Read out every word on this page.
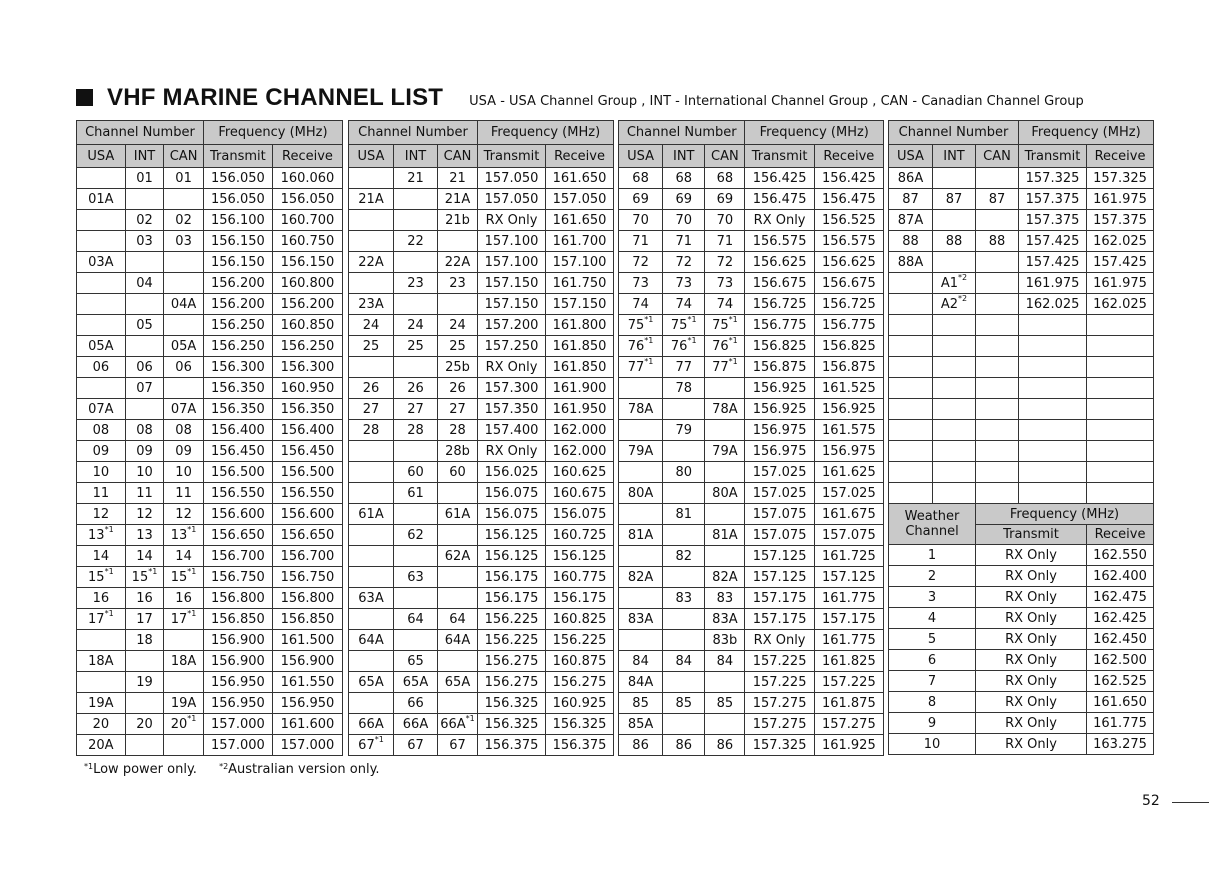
VHF MARINE CHANNEL LIST USA - USA Channel Group , INT - International Channel Group , CAN - Canadian Channel Group
Channel Number			Frequency (MHz)	
USA	INT	CAN	Transmit	Receive
	01	01	156.050	160.060
01A			156.050	156.050
	02	02	156.100	160.700
	03	03	156.150	160.750
03A			156.150	156.150
	04		156.200	160.800
		04A	156.200	156.200
	05		156.250	160.850
05A		05A	156.250	156.250
06	06	06	156.300	156.300
	07		156.350	160.950
07A		07A	156.350	156.350
08	08	08	156.400	156.400
09	09	09	156.450	156.450
10	10	10	156.500	156.500
11	11	11	156.550	156.550
12	12	12	156.600	156.600
13$^{*1}$	13	13$^{*1}$	156.650	156.650
14	14	14	156.700	156.700
15$^{*1}$	15$^{*1}$	15$^{*1}$	156.750	156.750
16	16	16	156.800	156.800
17$^{*1}$	17	17$^{*1}$	156.850	156.850
	18		156.900	161.500
18A		18A	156.900	156.900
	19		156.950	161.550
19A		19A	156.950	156.950
20	20	20$^{*1}$	157.000	161.600
20A			157.000	157.000
Channel Number			Frequency (MHz)	
USA	INT	CAN	Transmit	Receive
	21	21	157.050	161.650
21A		21A	157.050	157.050
		21b	RX Only	161.650
	22		157.100	161.700
22A		22A	157.100	157.100
	23	23	157.150	161.750
23A			157.150	157.150
24	24	24	157.200	161.800
25	25	25	157.250	161.850
		25b	RX Only	161.850
26	26	26	157.300	161.900
27	27	27	157.350	161.950
28	28	28	157.400	162.000
		28b	RX Only	162.000
	60	60	156.025	160.625
	61		156.075	160.675
61A		61A	156.075	156.075
	62		156.125	160.725
		62A	156.125	156.125
	63		156.175	160.775
63A			156.175	156.175
	64	64	156.225	160.825
64A		64A	156.225	156.225
	65		156.275	160.875
65A	65A	65A	156.275	156.275
	66		156.325	160.925
66A	66A	$66A^{*1}$	156.325	156.325
67$^{*1}$	67	67	156.375	156.375
Channel Number			Frequency (MHz)	
USA	INT	CAN	Transmit	Receive
68	68	68	156.425	156.425
69	69	69	156.475	156.475
70	70	70	RX Only	156.525
71	71	71	156.575	156.575
72	72	72	156.625	156.625
73	73	73	156.675	156.675
74	74	74	156.725	156.725
75$^{*1}$	75$^{*1}$	75$^{*1}$	156.775	156.775
76$^{*1}$	76$^{*1}$	76$^{*1}$	156.825	156.825
77$^{*1}$	77	77$^{*1}$	156.875	156.875
	78		156.925	161.525
78A		78A	156.925	156.925
	79		156.975	161.575
79A		79A	156.975	156.975
	80		157.025	161.625
80A		80A	157.025	157.025
	81		157.075	161.675
81A		81A	157.075	157.075
	82		157.125	161.725
82A		82A	157.125	157.125
	83	83	157.175	161.775
83A		83A	157.175	157.175
		83b	RX Only	161.775
84	84	84	157.225	161.825
84A			157.225	157.225
85	85	85	157.275	161.875
85A			157.275	157.275
86	86	86	157.325	161.925
Channel Number			Frequency (MHz)	
USA	INT	CAN	Transmit	Receive
86A			157.325	157.325
87	87	87	157.375	161.975
87A			157.375	157.375
88	88	88	157.425	162.025
88A			157.425	157.425
	A1$^{*2}$		161.975	161.975
	A2$^{*2}$		162.025	162.025

Weather Channel		Frequency (MHz)		
		Transmit		Receive
1		RX Only		162.550
2		RX Only		162.400
3		RX Only		162.475
4		RX Only		162.425
5		RX Only		162.450
6		RX Only		162.500
7		RX Only		162.525
8		RX Only		161.650
9		RX Only		161.775
10		RX Only		163.275
$^{*1}$Low power only.	$^{*2}$Australian version only.
52
